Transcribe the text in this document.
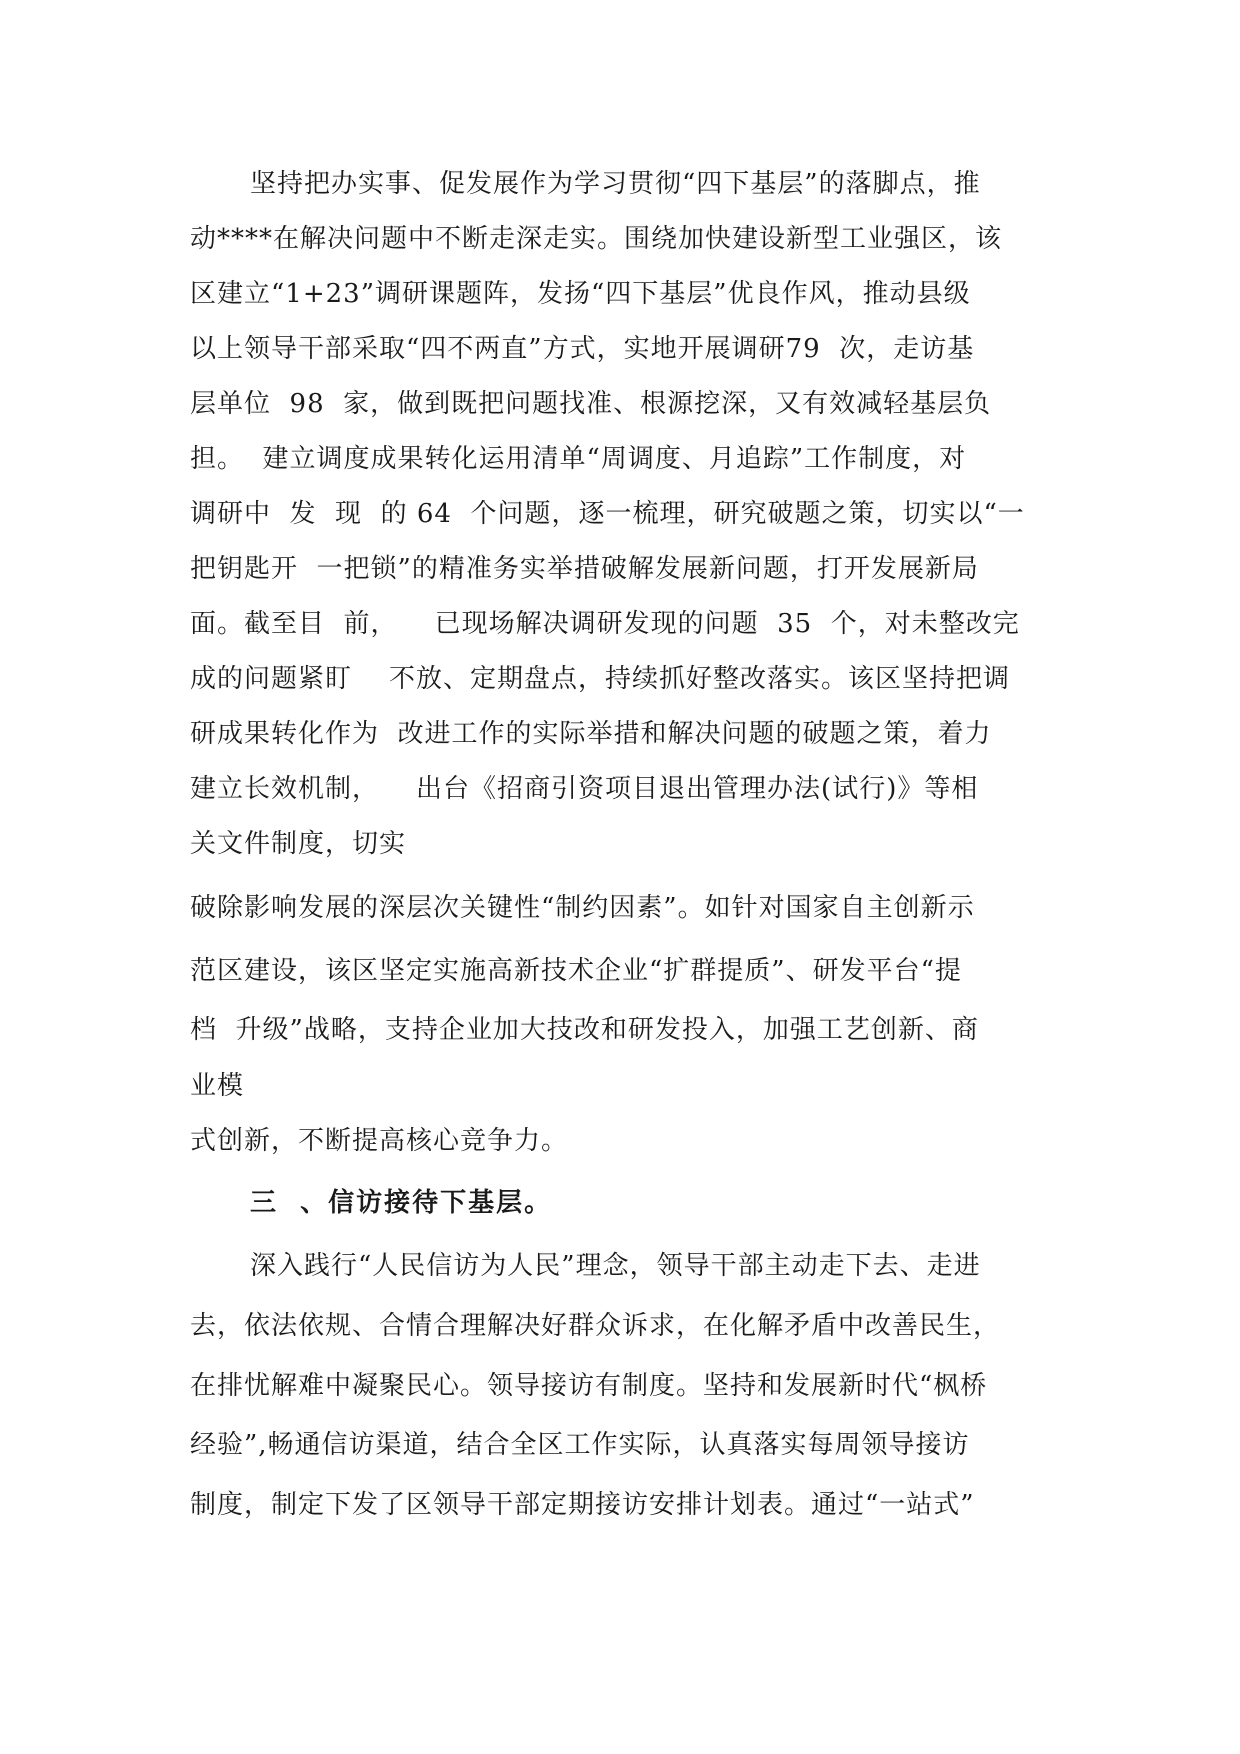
坚持把办实事、促发展作为学习贯彻“四下基层”的落脚点，推
动****在解决问题中不断走深走实。围绕加快建设新型工业强区，该
区建立“1+23”调研课题阵，发扬“四下基层”优良作风，推动县级
以上领导干部采取“四不两直”方式，实地开展调研79  次，走访基
层单位  98  家，做到既把问题找准、根源挖深，又有效减轻基层负
担。  建立调度成果转化运用清单“周调度、月追踪”工作制度，对
调研中  发  现  的 64  个问题，逐一梳理，研究破题之策，切实以“一
把钥匙开  一把锁”的精准务实举措破解发展新问题，打开发展新局
面。截至目  前，    已现场解决调研发现的问题  35  个，对未整改完
成的问题紧盯    不放、定期盘点，持续抓好整改落实。该区坚持把调
研成果转化作为  改进工作的实际举措和解决问题的破题之策，着力
建立长效机制，    出台《招商引资项目退出管理办法(试行)》等相
关文件制度，切实
破除影响发展的深层次关键性“制约因素”。如针对国家自主创新示
范区建设，该区坚定实施高新技术企业“扩群提质”、研发平台“提
档  升级”战略，支持企业加大技改和研发投入，加强工艺创新、商
业模
式创新，不断提高核心竞争力。
三  、信访接待下基层。
深入践行“人民信访为人民”理念，领导干部主动走下去、走进
去，依法依规、合情合理解决好群众诉求，在化解矛盾中改善民生，
在排忧解难中凝聚民心。领导接访有制度。坚持和发展新时代“枫桥
经验”,畅通信访渠道，结合全区工作实际，认真落实每周领导接访
制度，制定下发了区领导干部定期接访安排计划表。通过“一站式”
